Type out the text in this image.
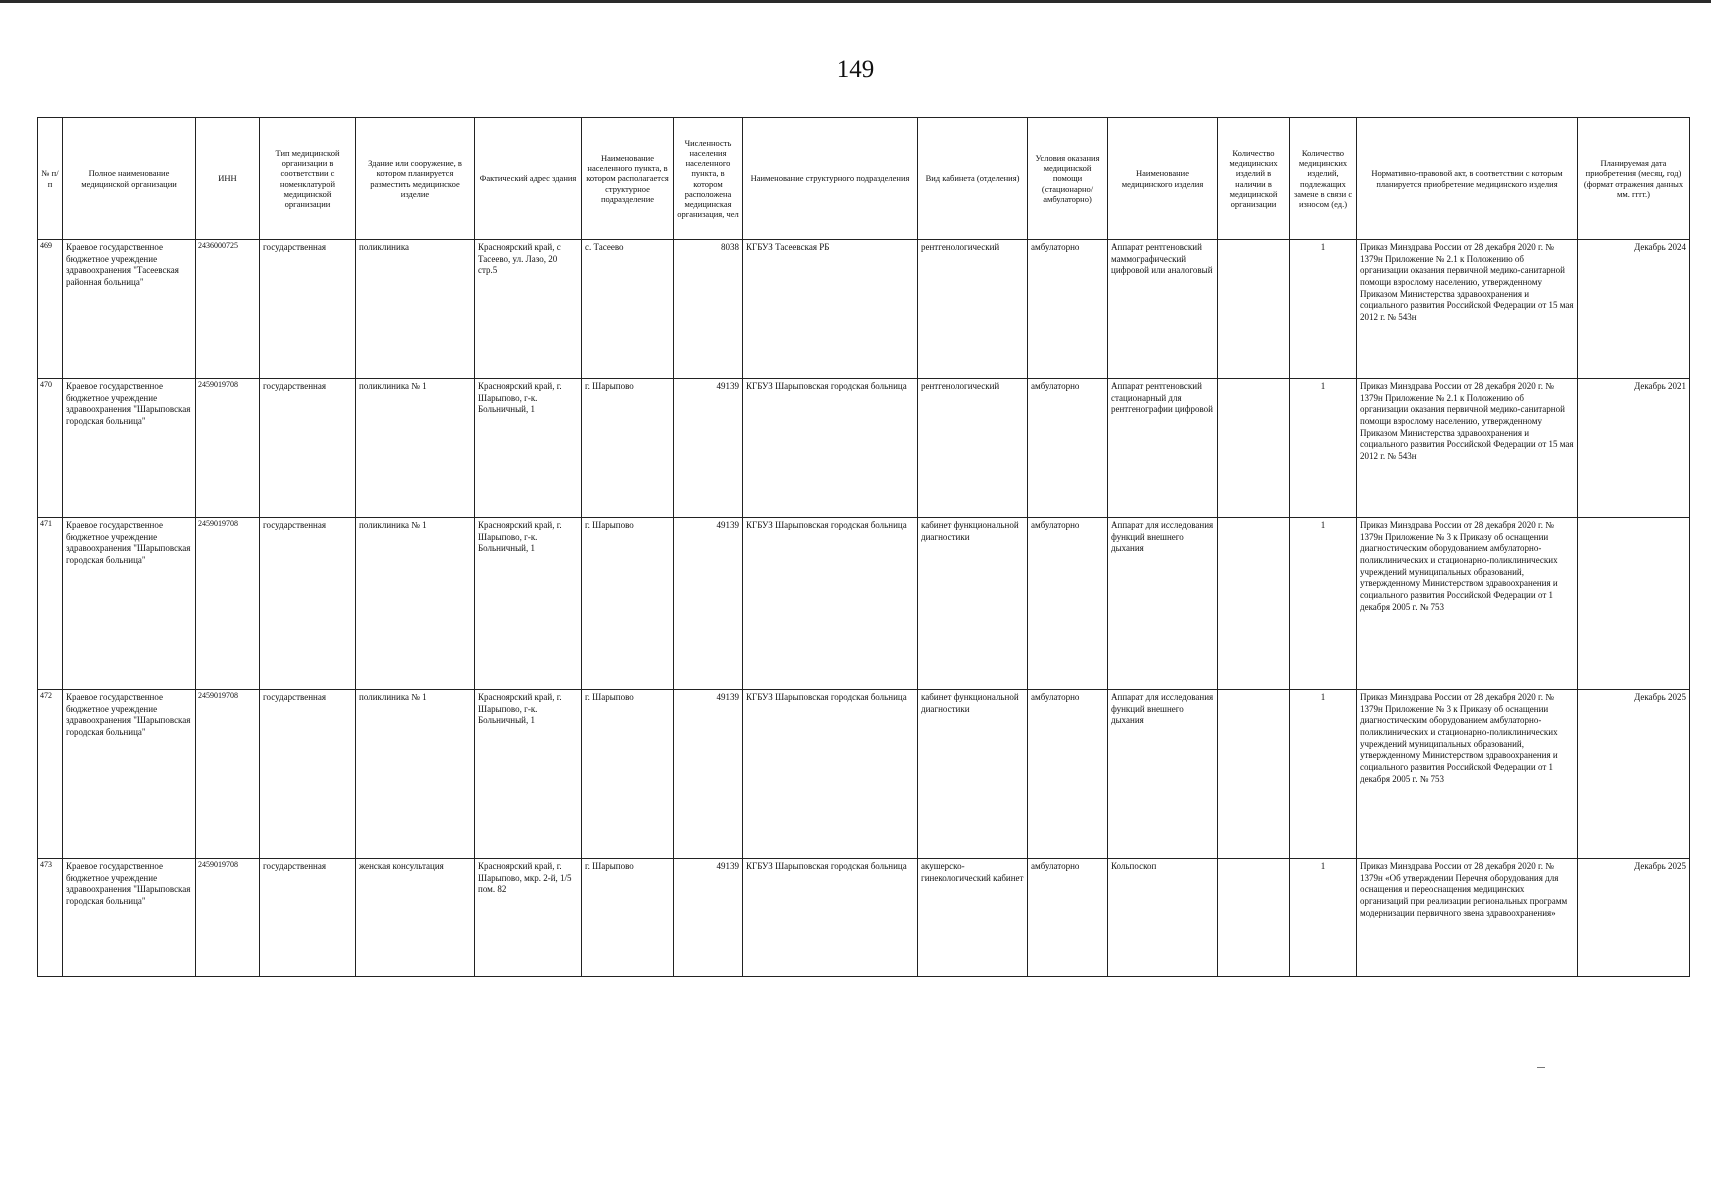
149
№ п/п	Полное наименование медицинской организации	ИНН	Тип медицинской организации в соответствии с номенклатурой медицинской организации	Здание или сооружение, в котором планируется разместить медицинское изделие	Фактический адрес здания	Наименование населенного пункта, в котором располагается структурное подразделение	Численность населения населенного пункта, в котором расположена медицинская организация, чел	Наименование структурного подразделения	Вид кабинета (отделения)	Условия оказания медицинской помощи (стационарно/ амбулаторно)	Наименование медицинского изделия	Количество медицинских изделий в наличии в медицинской организации	Количество медицинских изделий, подлежащих замене в связи с износом (ед.)	Нормативно-правовой акт, в соответствии с которым планируется приобретение медицинского изделия	Планируемая дата приобретения (месяц, год) (формат отражения данных мм. гггг.)
469	Краевое государственное бюджетное учреждение здравоохранения "Тасеевская районная больница"	2436000725	государственная	поликлиника	Красноярский край, с Тасеево, ул. Лазо, 20 стр.5	с. Тасеево	8038	КГБУЗ Тасеевская РБ	рентгенологический	амбулаторно	Аппарат рентгеновский маммографический цифровой или аналоговый		1	Приказ Минздрава России от 28 декабря 2020 г. № 1379н Приложение № 2.1 к Положению об организации оказания первичной медико-санитарной помощи взрослому населению, утвержденному Приказом Министерства здравоохранения и социального развития Российской Федерации от 15 мая 2012 г. № 543н	Декабрь 2024
470	Краевое государственное бюджетное учреждение здравоохранения "Шарыповская городская больница"	2459019708	государственная	поликлиника № 1	Красноярский край, г. Шарыпово, г-к. Больничный, 1	г. Шарыпово	49139	КГБУЗ Шарыповская городская больница	рентгенологический	амбулаторно	Аппарат рентгеновский стационарный для рентгенографии цифровой		1	Приказ Минздрава России от 28 декабря 2020 г. № 1379н Приложение № 2.1 к Положению об организации оказания первичной медико-санитарной помощи взрослому населению, утвержденному Приказом Министерства здравоохранения и социального развития Российской Федерации от 15 мая 2012 г. № 543н	Декабрь 2021
471	Краевое государственное бюджетное учреждение здравоохранения "Шарыповская городская больница"	2459019708	государственная	поликлиника № 1	Красноярский край, г. Шарыпово, г-к. Больничный, 1	г. Шарыпово	49139	КГБУЗ Шарыповская городская больница	кабинет функциональной диагностики	амбулаторно	Аппарат для исследования функций внешнего дыхания		1	Приказ Минздрава России от 28 декабря 2020 г. № 1379н Приложение № 3 к Приказу об оснащении диагностическим оборудованием амбулаторно-поликлинических и стационарно-поликлинических учреждений муниципальных образований, утвержденному Министерством здравоохранения и социального развития Российской Федерации от 1 декабря 2005 г. № 753	
472	Краевое государственное бюджетное учреждение здравоохранения "Шарыповская городская больница"	2459019708	государственная	поликлиника № 1	Красноярский край, г. Шарыпово, г-к. Больничный, 1	г. Шарыпово	49139	КГБУЗ Шарыповская городская больница	кабинет функциональной диагностики	амбулаторно	Аппарат для исследования функций внешнего дыхания		1	Приказ Минздрава России от 28 декабря 2020 г. № 1379н Приложение № 3 к Приказу об оснащении диагностическим оборудованием амбулаторно-поликлинических и стационарно-поликлинических учреждений муниципальных образований, утвержденному Министерством здравоохранения и социального развития Российской Федерации от 1 декабря 2005 г. № 753	Декабрь 2025
473	Краевое государственное бюджетное учреждение здравоохранения "Шарыповская городская больница"	2459019708	государственная	женская консультация	Красноярский край, г. Шарыпово, мкр. 2-й, 1/5 пом. 82	г. Шарыпово	49139	КГБУЗ Шарыповская городская больница	акушерско-гинекологический кабинет	амбулаторно	Кольпоскоп		1	Приказ Минздрава России от 28 декабря 2020 г. № 1379н «Об утверждении Перечня оборудования для оснащения и переоснащения медицинских организаций при реализации региональных программ модернизации первичного звена здравоохранения»	Декабрь 2025
